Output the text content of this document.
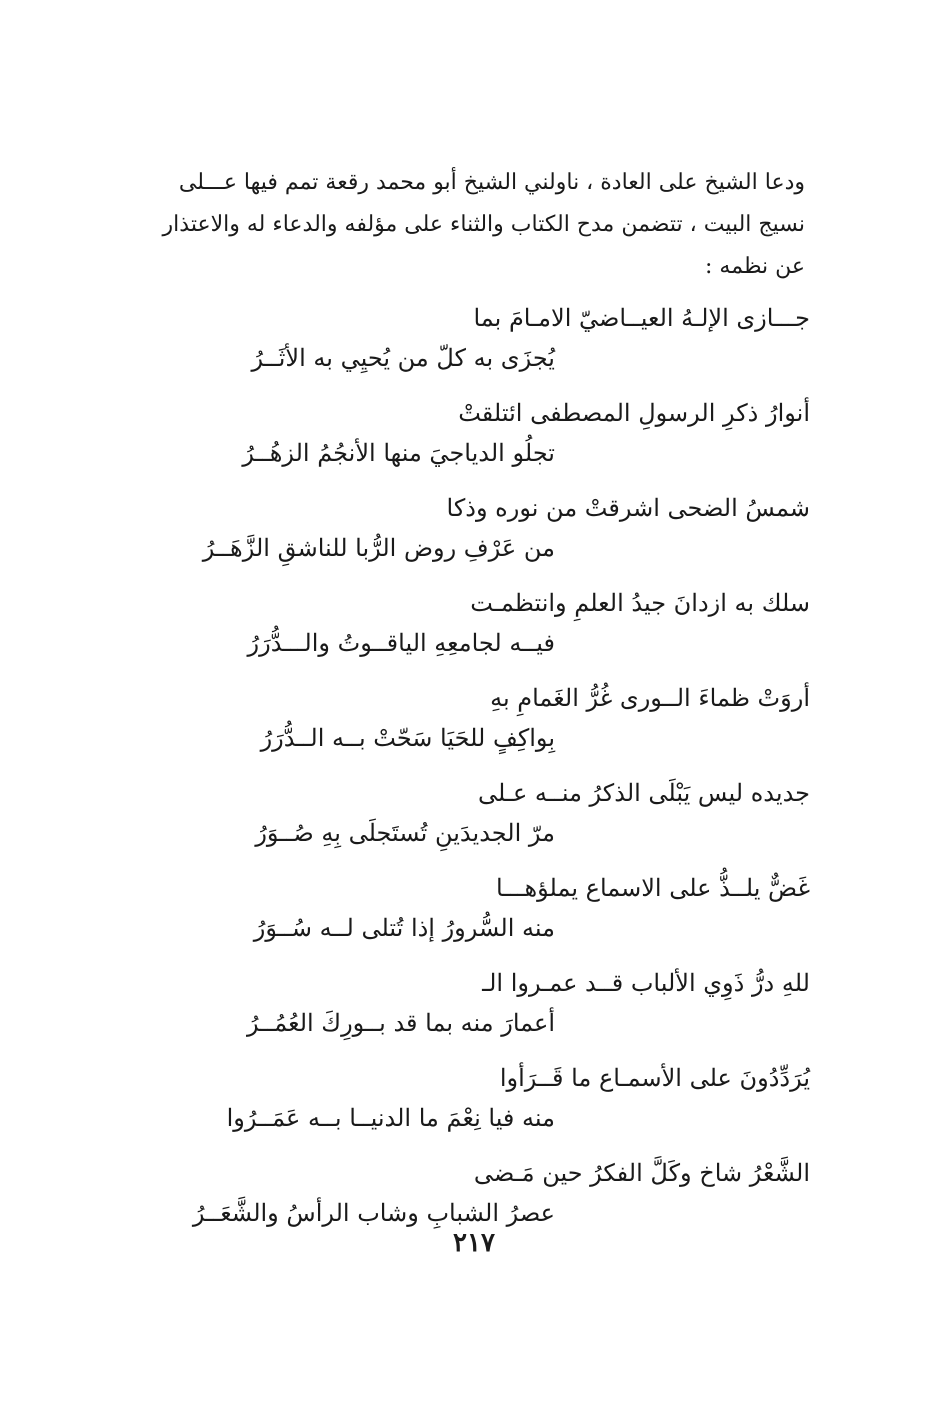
ودعا الشيخ على العادة ، ناولني الشيخ أبو محمد رقعة تمم فيها عـــلى

نسيج البيت ، تتضمن مدح الكتاب والثناء على مؤلفه والدعاء له والاعتذار

عن نظمه :

جـــازى الإلـهُ العيــاضيّ الامـامَ بما
يُجزَى به كلّ من يُحيِي به الأثَــرُ
أنوارُ ذكرِ الرسولِ المصطفى ائتلقتْ
تجلُو الدياجيَ منها الأنجُمُ الزهُــرُ
شمسُ الضحى اشرقتْ من نوره وذكا
من عَرْفِ روض الرُّبا للناشقِ الزَّهَــرُ
سلك به ازدانَ جيدُ العلمِ وانتظمـت
فيــه لجامعِهِ الياقــوتُ والـــدُّرَرُ
أروَتْ ظماءَ الــورى غُرُّ الغَمامِ بهِ
بِواكِفٍ للحَيَا سَحّتْ بــه الــدُّرَرُ
جديده ليس يَبْلَى الذكرُ منــه عـلى
مرّ الجديدَينِ تُستَجلَى بِهِ صُــوَرُ
غَضٌّ يلــذُّ على الاسماع يملؤهـــا
منه السُّرورُ إذا تُتلى لــه سُــوَرُ
للهِ درُّ ذَوِي الألباب قــد عمـروا الـ
أعمارَ منه بما قد بــورِكَ العُمُــرُ
يُرَدِّدُونَ على الأسمـاع ما قَــرَأوا
منه فيا نِعْمَ ما الدنيــا بــه عَمَــرُوا
الشَّعْرُ شاخ وكَلَّ الفكرُ حين مَـضى
عصرُ الشبابِ وشاب الرأسُ والشَّعَــرُ
٢١٧
